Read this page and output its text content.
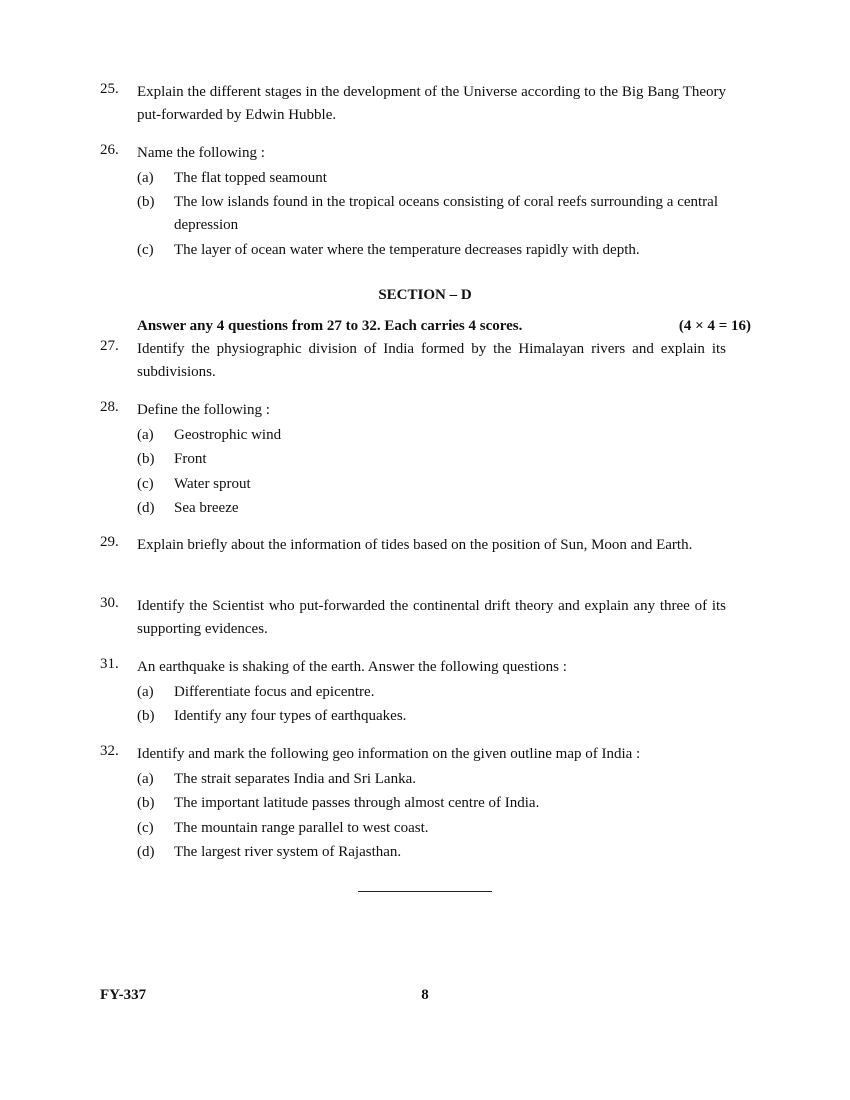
25.	Explain the different stages in the development of the Universe according to the Big Bang Theory put-forwarded by Edwin Hubble.
26.	Name the following :
(a)	The flat topped seamount
(b)	The low islands found in the tropical oceans consisting of coral reefs surrounding a central depression
(c)	The layer of ocean water where the temperature decreases rapidly with depth.
SECTION – D
Answer any 4 questions from 27 to 32. Each carries 4 scores.	(4 × 4 = 16)
27.	Identify the physiographic division of India formed by the Himalayan rivers and explain its subdivisions.
28.	Define the following :
(a)	Geostrophic wind
(b)	Front
(c)	Water sprout
(d)	Sea breeze
29.	Explain briefly about the information of tides based on the position of Sun, Moon and Earth.
30.	Identify the Scientist who put-forwarded the continental drift theory and explain any three of its supporting evidences.
31.	An earthquake is shaking of the earth. Answer the following questions :
(a)	Differentiate focus and epicentre.
(b)	Identify any four types of earthquakes.
32.	Identify and mark the following geo information on the given outline map of India :
(a)	The strait separates India and Sri Lanka.
(b)	The important latitude passes through almost centre of India.
(c)	The mountain range parallel to west coast.
(d)	The largest river system of Rajasthan.
FY-337	8
